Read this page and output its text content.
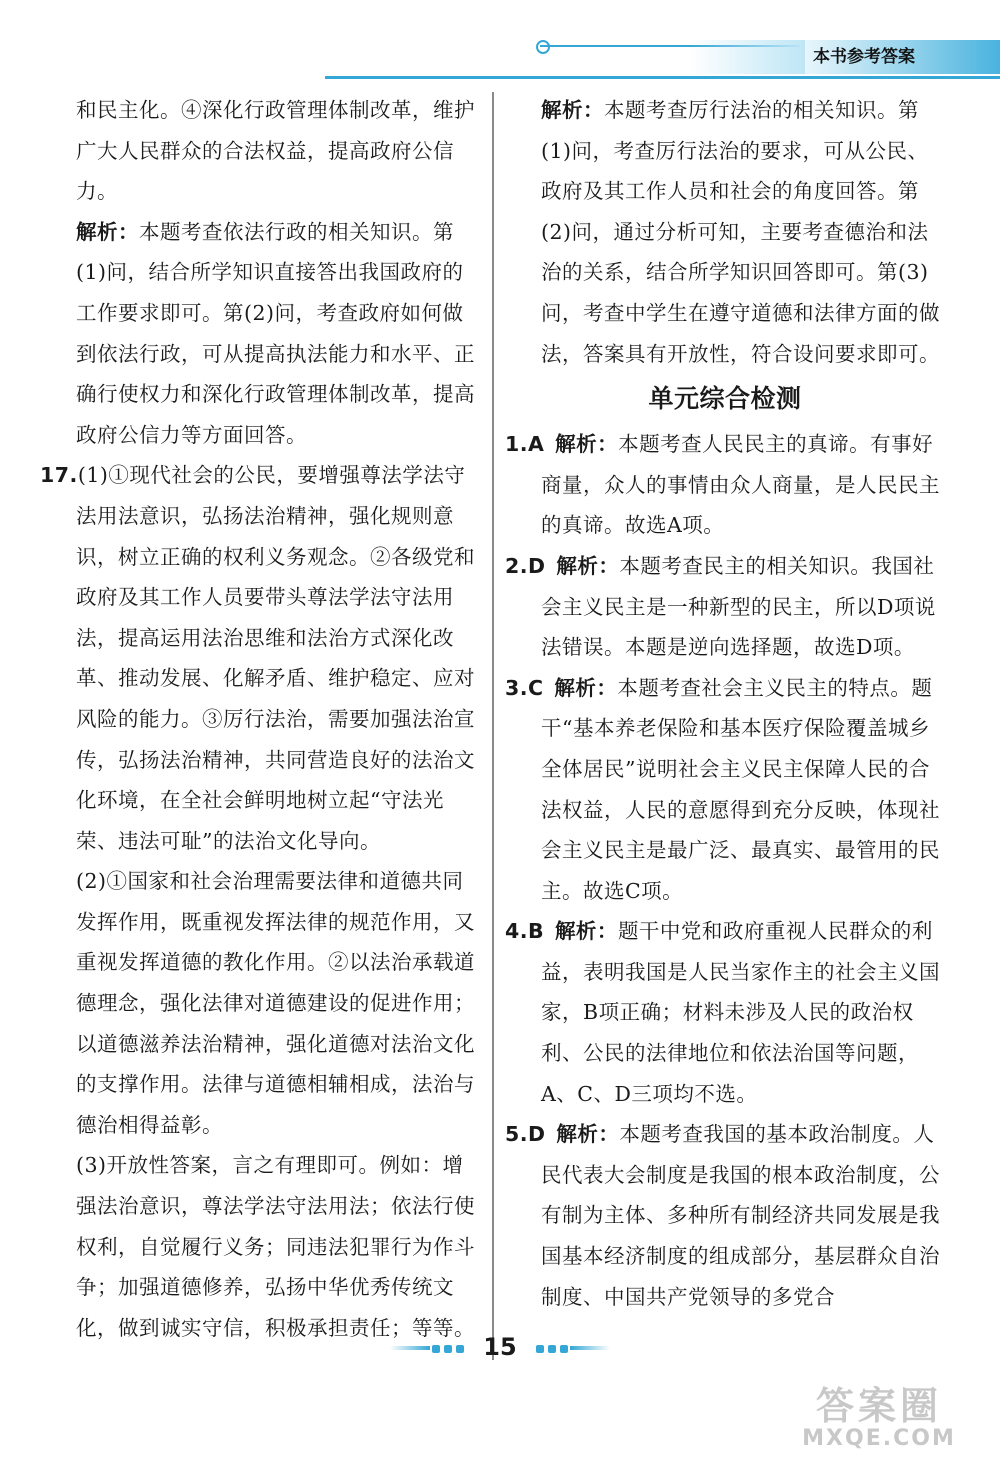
本书参考答案

和民主化。④深化行政管理体制改革，维护广大人民群众的合法权益，提高政府公信力。

解析：本题考查依法行政的相关知识。第(1)问，结合所学知识直接答出我国政府的工作要求即可。第(2)问，考查政府如何做到依法行政，可从提高执法能力和水平、正确行使权力和深化行政管理体制改革，提高政府公信力等方面回答。

17.(1)①现代社会的公民，要增强尊法学法守法用法意识，弘扬法治精神，强化规则意识，树立正确的权利义务观念。②各级党和政府及其工作人员要带头尊法学法守法用法，提高运用法治思维和法治方式深化改革、推动发展、化解矛盾、维护稳定、应对风险的能力。③厉行法治，需要加强法治宣传，弘扬法治精神，共同营造良好的法治文化环境，在全社会鲜明地树立起“守法光荣、违法可耻”的法治文化导向。

(2)①国家和社会治理需要法律和道德共同发挥作用，既重视发挥法律的规范作用，又重视发挥道德的教化作用。②以法治承载道德理念，强化法律对道德建设的促进作用；以道德滋养法治精神，强化道德对法治文化的支撑作用。法律与道德相辅相成，法治与德治相得益彰。

(3)开放性答案，言之有理即可。例如：增强法治意识，尊法学法守法用法；依法行使权利，自觉履行义务；同违法犯罪行为作斗争；加强道德修养，弘扬中华优秀传统文化，做到诚实守信，积极承担责任；等等。

解析：本题考查厉行法治的相关知识。第(1)问，考查厉行法治的要求，可从公民、政府及其工作人员和社会的角度回答。第(2)问，通过分析可知，主要考查德治和法治的关系，结合所学知识回答即可。第(3)问，考查中学生在遵守道德和法律方面的做法，答案具有开放性，符合设问要求即可。

单元综合检测

1.A  解析：本题考查人民民主的真谛。有事好商量，众人的事情由众人商量，是人民民主的真谛。故选A项。

2.D  解析：本题考查民主的相关知识。我国社会主义民主是一种新型的民主，所以D项说法错误。本题是逆向选择题，故选D项。

3.C  解析：本题考查社会主义民主的特点。题干“基本养老保险和基本医疗保险覆盖城乡全体居民”说明社会主义民主保障人民的合法权益，人民的意愿得到充分反映，体现社会主义民主是最广泛、最真实、最管用的民主。故选C项。

4.B  解析：题干中党和政府重视人民群众的利益，表明我国是人民当家作主的社会主义国家，B项正确；材料未涉及人民的政治权利、公民的法律地位和依法治国等问题，A、C、D三项均不选。

5.D  解析：本题考查我国的基本政治制度。人民代表大会制度是我国的根本政治制度，公有制为主体、多种所有制经济共同发展是我国基本经济制度的组成部分，基层群众自治制度、中国共产党领导的多党合

15
答案圈
MXQE.COM
